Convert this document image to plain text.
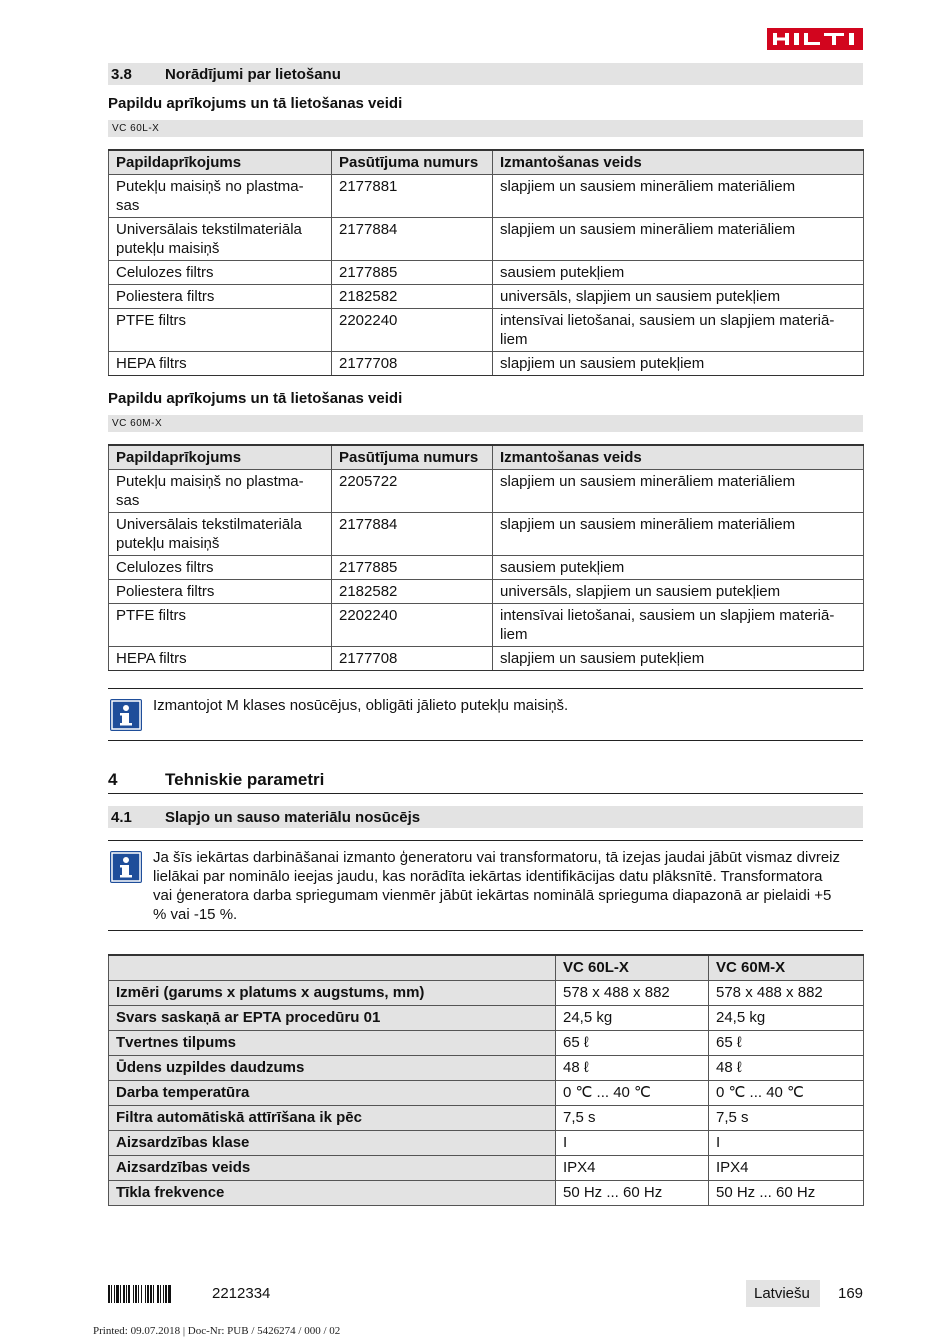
3.8 Norādījumi par lietošanu
Papildu aprīkojums un tā lietošanas veidi
VC 60L-X
Papildaprīkojums	Pasūtījuma numurs	Izmantošanas veids
Putekļu maisiņš no plastma-
sas	2177881	slapjiem un sausiem minerāliem materiāliem
Universālais tekstilmateriāla
putekļu maisiņš	2177884	slapjiem un sausiem minerāliem materiāliem
Celulozes filtrs	2177885	sausiem putekļiem
Poliestera filtrs	2182582	universāls, slapjiem un sausiem putekļiem
PTFE filtrs	2202240	intensīvai lietošanai, sausiem un slapjiem materiā-
liem
HEPA filtrs	2177708	slapjiem un sausiem putekļiem
Papildu aprīkojums un tā lietošanas veidi
VC 60M-X
Papildaprīkojums	Pasūtījuma numurs	Izmantošanas veids
Putekļu maisiņš no plastma-
sas	2205722	slapjiem un sausiem minerāliem materiāliem
Universālais tekstilmateriāla
putekļu maisiņš	2177884	slapjiem un sausiem minerāliem materiāliem
Celulozes filtrs	2177885	sausiem putekļiem
Poliestera filtrs	2182582	universāls, slapjiem un sausiem putekļiem
PTFE filtrs	2202240	intensīvai lietošanai, sausiem un slapjiem materiā-
liem
HEPA filtrs	2177708	slapjiem un sausiem putekļiem
Izmantojot M klases nosūcējus, obligāti jālieto putekļu maisiņš.
4	Tehniskie parametri
4.1 Slapjo un sauso materiālu nosūcējs
Ja šīs iekārtas darbināšanai izmanto ģeneratoru vai transformatoru, tā izejas jaudai jābūt vismaz divreiz
lielākai par nominālo ieejas jaudu, kas norādīta iekārtas identifikācijas datu plāksnītē. Transformatora
vai ģeneratora darba spriegumam vienmēr jābūt iekārtas nominālā sprieguma diapazonā ar pielaidi +5
% vai -15 %.
	VC 60L-X	VC 60M-X
Izmēri (garums x platums x augstums, mm)	578 x 488 x 882	578 x 488 x 882
Svars saskaņā ar EPTA procedūru 01	24,5 kg	24,5 kg
Tvertnes tilpums	65 ℓ	65 ℓ
Ūdens uzpildes daudzums	48 ℓ	48 ℓ
Darba temperatūra	0 ℃ ... 40 ℃	0 ℃ ... 40 ℃
Filtra automātiskā attīrīšana ik pēc	7,5 s	7,5 s
Aizsardzības klase	I	I
Aizsardzības veids	IPX4	IPX4
Tīkla frekvence	50 Hz ... 60 Hz	50 Hz ... 60 Hz
2212334	Latviešu 169
Printed: 09.07.2018 | Doc-Nr: PUB / 5426274 / 000 / 02
